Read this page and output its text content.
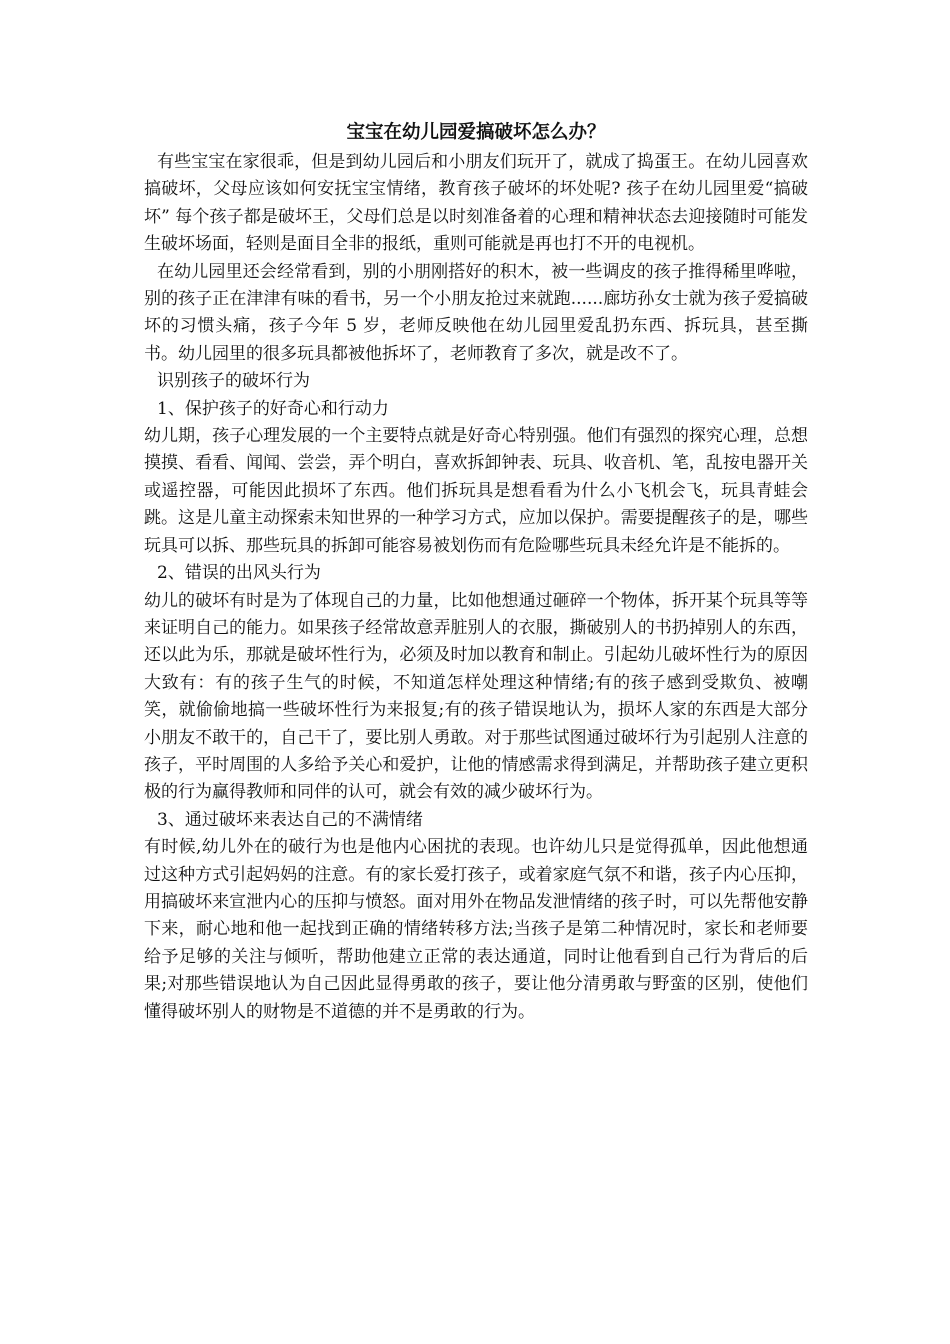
宝宝在幼儿园爱搞破坏怎么办？

有些宝宝在家很乖，但是到幼儿园后和小朋友们玩开了，就成了捣蛋王。在幼儿园喜欢搞破坏，父母应该如何安抚宝宝情绪，教育孩子破坏的坏处呢? 孩子在幼儿园里爱“搞破坏” 每个孩子都是破坏王，父母们总是以时刻准备着的心理和精神状态去迎接随时可能发生破坏场面，轻则是面目全非的报纸，重则可能就是再也打不开的电视机。

在幼儿园里还会经常看到，别的小朋刚搭好的积木，被一些调皮的孩子推得稀里哗啦，别的孩子正在津津有味的看书，另一个小朋友抢过来就跑......廊坊孙女士就为孩子爱搞破坏的习惯头痛，孩子今年 5 岁，老师反映他在幼儿园里爱乱扔东西、拆玩具，甚至撕书。幼儿园里的很多玩具都被他拆坏了，老师教育了多次，就是改不了。

识别孩子的破坏行为

1、保护孩子的好奇心和行动力

幼儿期，孩子心理发展的一个主要特点就是好奇心特别强。他们有强烈的探究心理，总想摸摸、看看、闻闻、尝尝，弄个明白，喜欢拆卸钟表、玩具、收音机、笔，乱按电器开关或遥控器，可能因此损坏了东西。他们拆玩具是想看看为什么小飞机会飞，玩具青蛙会跳。这是儿童主动探索未知世界的一种学习方式，应加以保护。需要提醒孩子的是，哪些玩具可以拆、那些玩具的拆卸可能容易被划伤而有危险哪些玩具未经允许是不能拆的。

2、错误的出风头行为

幼儿的破坏有时是为了体现自己的力量，比如他想通过砸碎一个物体，拆开某个玩具等等来证明自己的能力。如果孩子经常故意弄脏别人的衣服，撕破别人的书扔掉别人的东西，还以此为乐，那就是破坏性行为，必须及时加以教育和制止。引起幼儿破坏性行为的原因大致有：有的孩子生气的时候，不知道怎样处理这种情绪;有的孩子感到受欺负、被嘲笑，就偷偷地搞一些破坏性行为来报复;有的孩子错误地认为，损坏人家的东西是大部分小朋友不敢干的，自己干了，要比别人勇敢。对于那些试图通过破坏行为引起别人注意的孩子，平时周围的人多给予关心和爱护，让他的情感需求得到满足，并帮助孩子建立更积极的行为赢得教师和同伴的认可，就会有效的减少破坏行为。

3、通过破坏来表达自己的不满情绪

有时候,幼儿外在的破行为也是他内心困扰的表现。也许幼儿只是觉得孤单，因此他想通过这种方式引起妈妈的注意。有的家长爱打孩子，或着家庭气氛不和谐，孩子内心压抑，用搞破坏来宣泄内心的压抑与愤怒。面对用外在物品发泄情绪的孩子时，可以先帮他安静下来，耐心地和他一起找到正确的情绪转移方法;当孩子是第二种情况时，家长和老师要给予足够的关注与倾听，帮助他建立正常的表达通道，同时让他看到自己行为背后的后果;对那些错误地认为自己因此显得勇敢的孩子，要让他分清勇敢与野蛮的区别，使他们懂得破坏别人的财物是不道德的并不是勇敢的行为。
